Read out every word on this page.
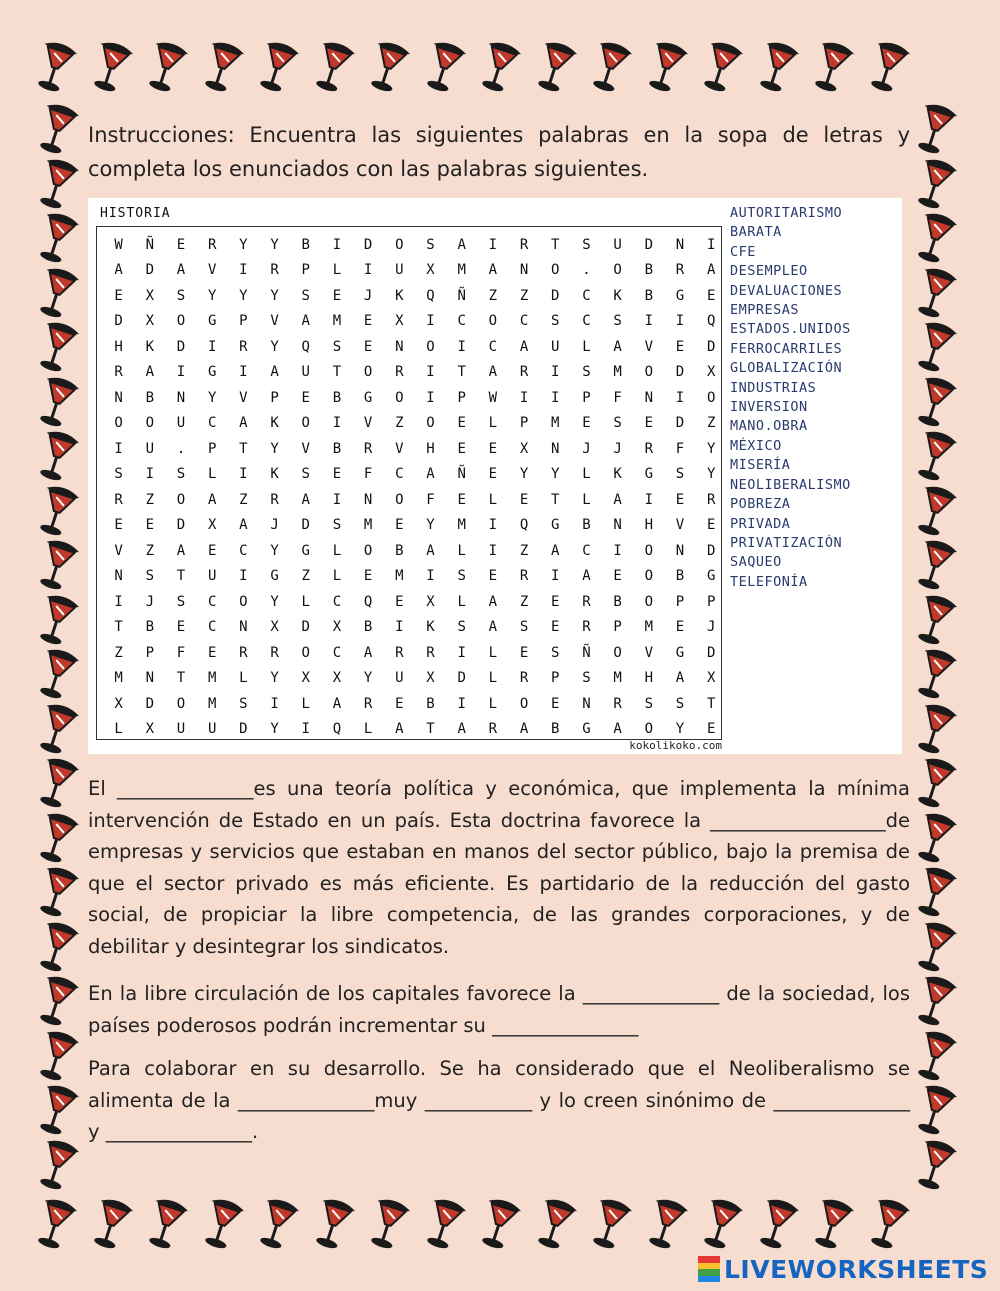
Instrucciones: Encuentra las siguientes palabras en la sopa de letras y completa los enunciados con las palabras siguientes.
HISTORIA
W	Ñ	E	R	Y	Y	B	I	D	O	S	A	I	R	T	S	U	D	N	I
A	D	A	V	I	R	P	L	I	U	X	M	A	N	O	.	O	B	R	A
E	X	S	Y	Y	Y	S	E	J	K	Q	Ñ	Z	Z	D	C	K	B	G	E
D	X	O	G	P	V	A	M	E	X	I	C	O	C	S	C	S	I	I	Q
H	K	D	I	R	Y	Q	S	E	N	O	I	C	A	U	L	A	V	E	D
R	A	I	G	I	A	U	T	O	R	I	T	A	R	I	S	M	O	D	X
N	B	N	Y	V	P	E	B	G	O	I	P	W	I	I	P	F	N	I	O
O	O	U	C	A	K	O	I	V	Z	O	E	L	P	M	E	S	E	D	Z
I	U	.	P	T	Y	V	B	R	V	H	E	E	X	N	J	J	R	F	Y
S	I	S	L	I	K	S	E	F	C	A	Ñ	E	Y	Y	L	K	G	S	Y
R	Z	O	A	Z	R	A	I	N	O	F	E	L	E	T	L	A	I	E	R
E	E	D	X	A	J	D	S	M	E	Y	M	I	Q	G	B	N	H	V	E
V	Z	A	E	C	Y	G	L	O	B	A	L	I	Z	A	C	I	O	N	D
N	S	T	U	I	G	Z	L	E	M	I	S	E	R	I	A	E	O	B	G
I	J	S	C	O	Y	L	C	Q	E	X	L	A	Z	E	R	B	O	P	P
T	B	E	C	N	X	D	X	B	I	K	S	A	S	E	R	P	M	E	J
Z	P	F	E	R	R	O	C	A	R	R	I	L	E	S	Ñ	O	V	G	D
M	N	T	M	L	Y	X	X	Y	U	X	D	L	R	P	S	M	H	A	X
X	D	O	M	S	I	L	A	R	E	B	I	L	O	E	N	R	S	S	T
L	X	U	U	D	Y	I	Q	L	A	T	A	R	A	B	G	A	O	Y	E
AUTORITARISMO
BARATA
CFE
DESEMPLEO
DEVALUACIONES
EMPRESAS
ESTADOS.UNIDOS
FERROCARRILES
GLOBALIZACIÓN
INDUSTRIAS
INVERSION
MANO.OBRA
MÉXICO
MISERÍA
NEOLIBERALISMO
POBREZA
PRIVADA
PRIVATIZACIÓN
SAQUEO
TELEFONÍA
kokolikoko.com
El ______________es una teoría política y económica, que implementa la mínima intervención de Estado en un país. Esta doctrina favorece la __________________de empresas y servicios que estaban en manos del sector público, bajo la premisa de que el sector privado es más eficiente. Es partidario de la reducción del gasto social, de propiciar la libre competencia, de las grandes corporaciones, y de debilitar y desintegrar los sindicatos.
En la libre circulación de los capitales favorece la ______________ de la sociedad, los países poderosos podrán incrementar su _______________
Para colaborar en su desarrollo. Se ha considerado que el Neoliberalismo se alimenta de la ______________muy ___________ y lo creen sinónimo de ______________ y _______________.
LIVEWORKSHEETS
